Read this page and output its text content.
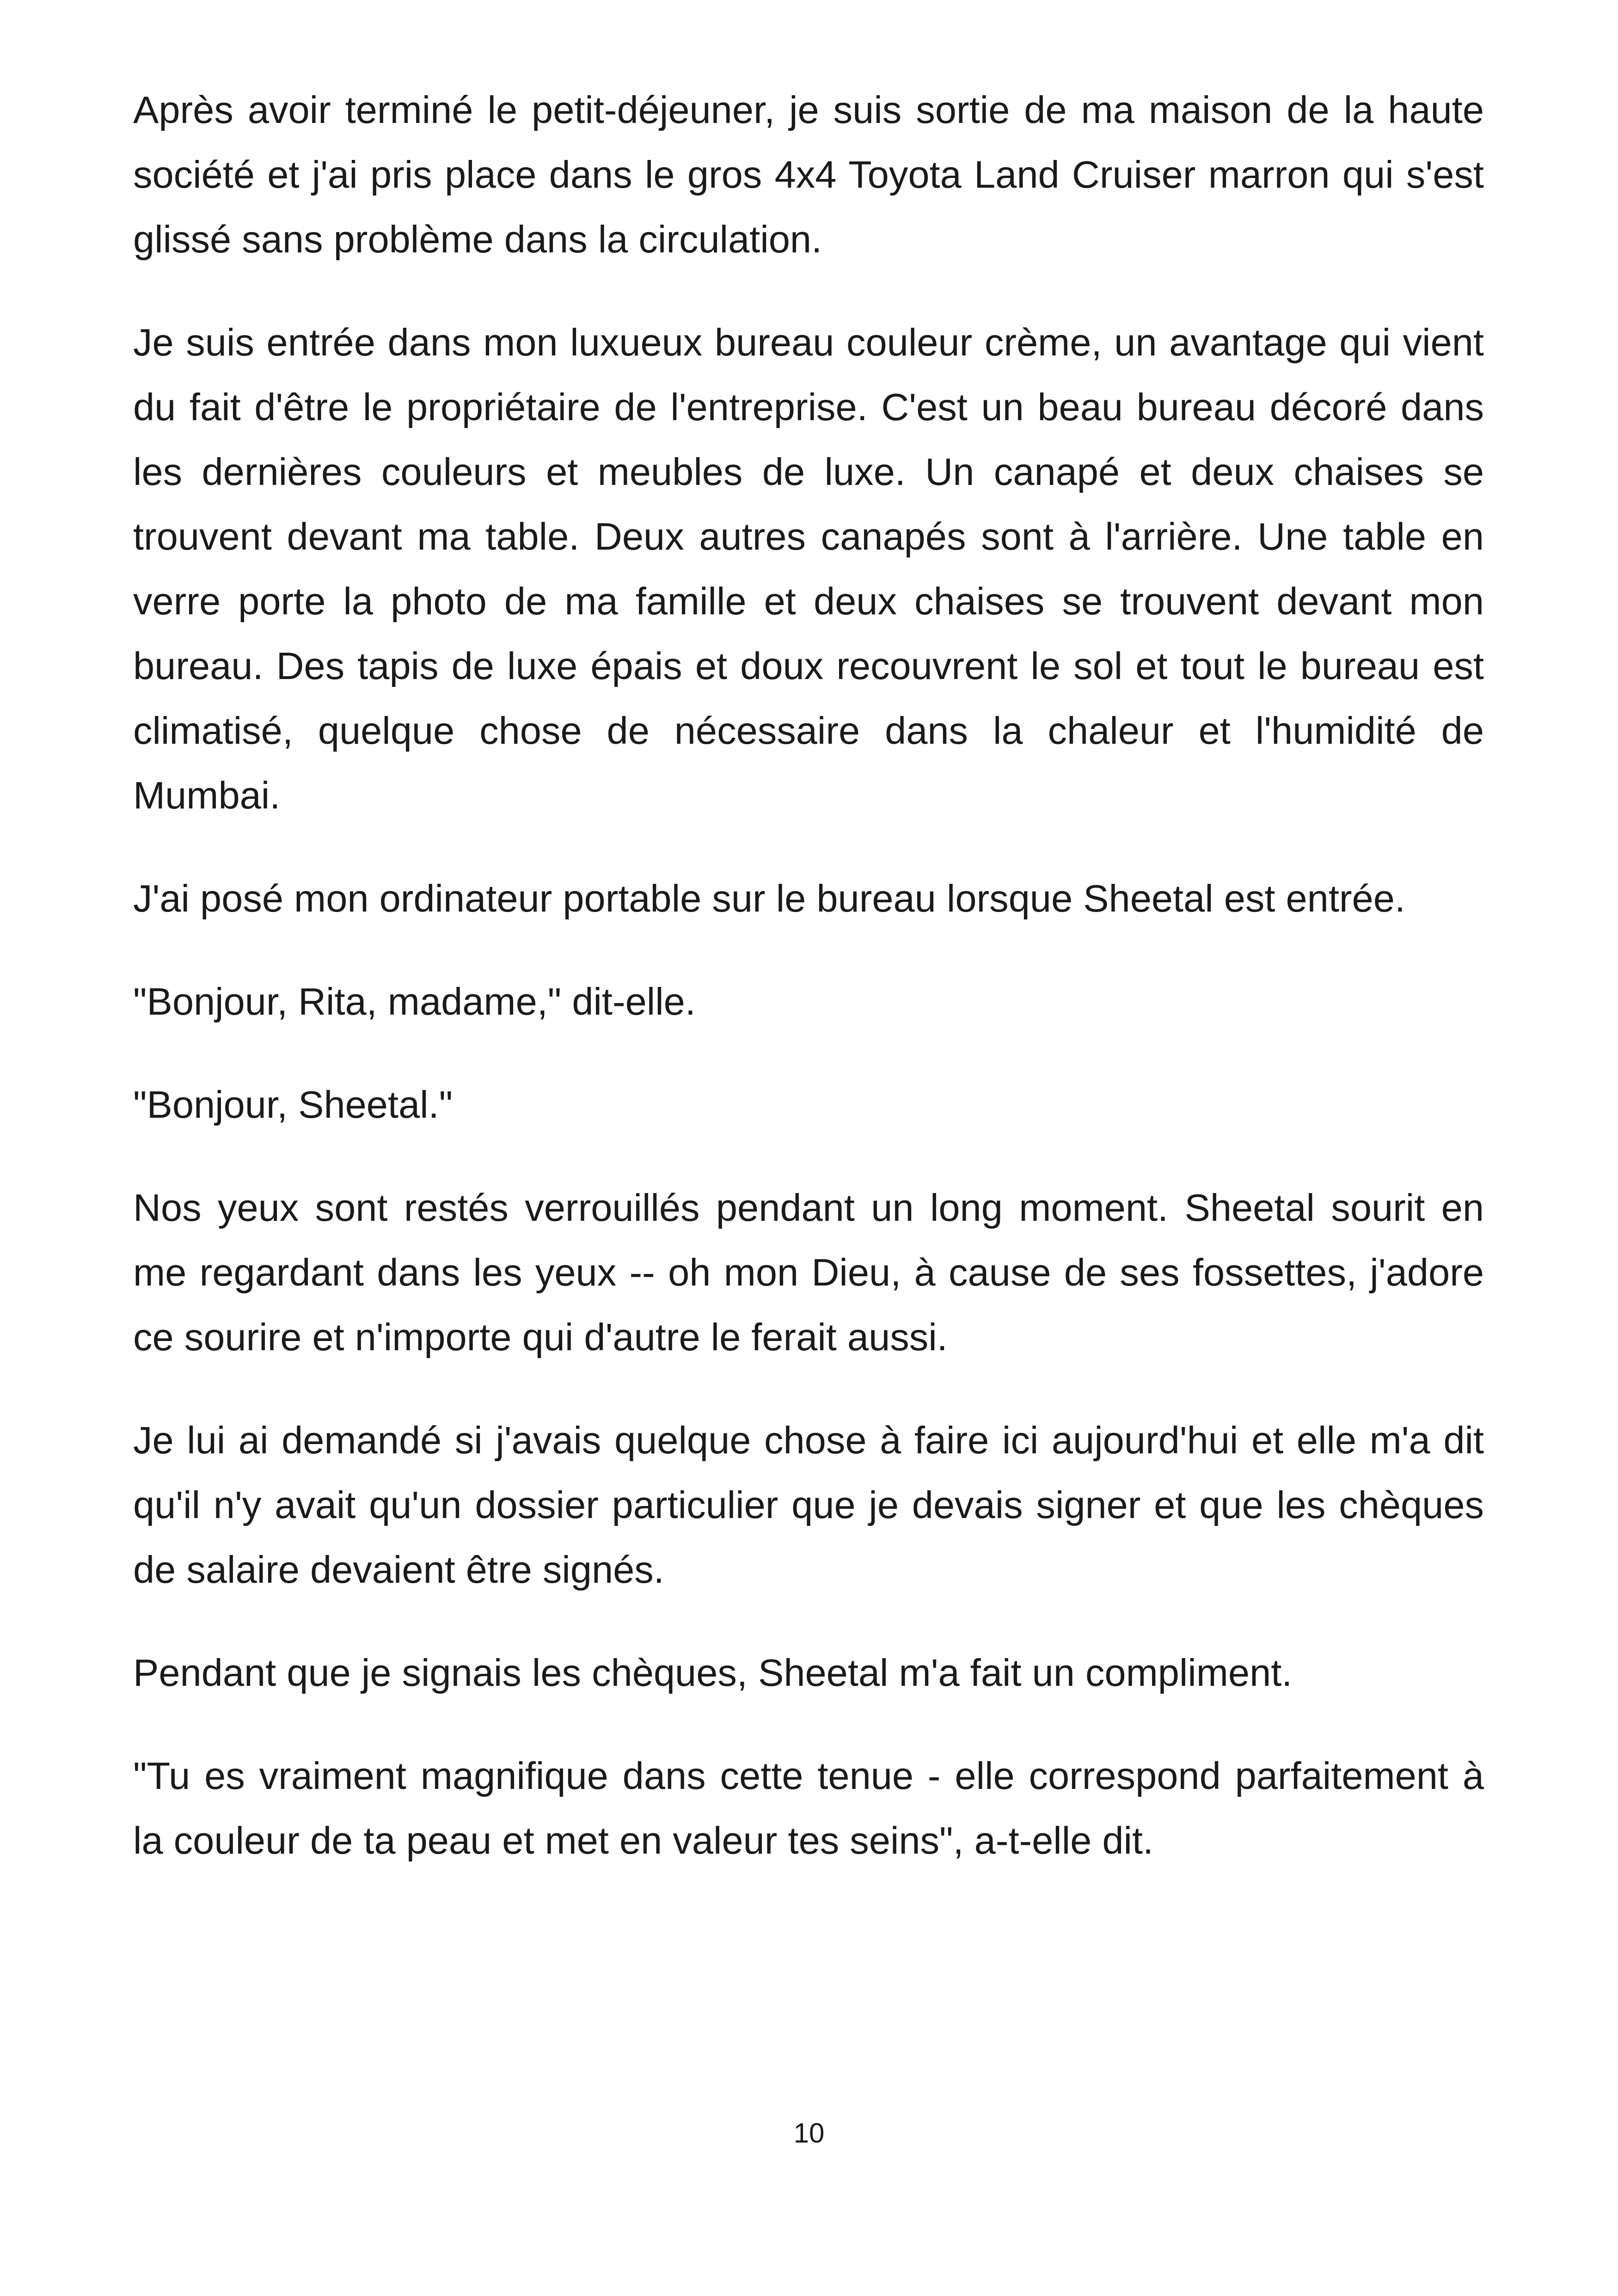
Après avoir terminé le petit-déjeuner, je suis sortie de ma maison de la haute société et j'ai pris place dans le gros 4x4 Toyota Land Cruiser marron qui s'est glissé sans problème dans la circulation.

Je suis entrée dans mon luxueux bureau couleur crème, un avantage qui vient du fait d'être le propriétaire de l'entreprise. C'est un beau bureau décoré dans les dernières couleurs et meubles de luxe. Un canapé et deux chaises se trouvent devant ma table. Deux autres canapés sont à l'arrière. Une table en verre porte la photo de ma famille et deux chaises se trouvent devant mon bureau. Des tapis de luxe épais et doux recouvrent le sol et tout le bureau est climatisé, quelque chose de nécessaire dans la chaleur et l'humidité de Mumbai.

J'ai posé mon ordinateur portable sur le bureau lorsque Sheetal est entrée.

"Bonjour, Rita, madame," dit-elle.

"Bonjour, Sheetal."

Nos yeux sont restés verrouillés pendant un long moment. Sheetal sourit en me regardant dans les yeux -- oh mon Dieu, à cause de ses fossettes, j'adore ce sourire et n'importe qui d'autre le ferait aussi.

Je lui ai demandé si j'avais quelque chose à faire ici aujourd'hui et elle m'a dit qu'il n'y avait qu'un dossier particulier que je devais signer et que les chèques de salaire devaient être signés.

Pendant que je signais les chèques, Sheetal m'a fait un compliment.

"Tu es vraiment magnifique dans cette tenue - elle correspond parfaitement à la couleur de ta peau et met en valeur tes seins", a-t-elle dit.

10
